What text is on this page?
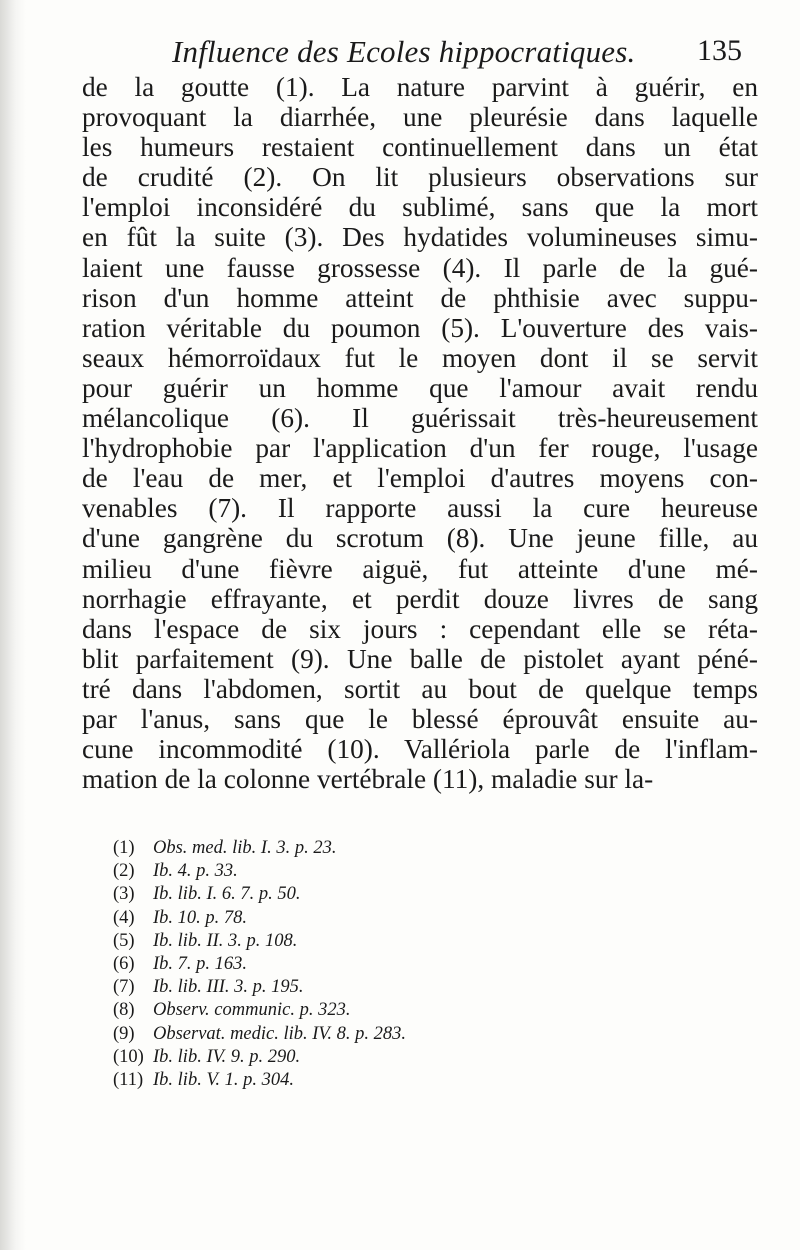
Influence des Ecoles hippocratiques. 135
de la goutte (1). La nature parvint à guérir, en
provoquant la diarrhée, une pleurésie dans laquelle
les humeurs restaient continuellement dans un état
de crudité (2). On lit plusieurs observations sur
l'emploi inconsidéré du sublimé, sans que la mort
en fût la suite (3). Des hydatides volumineuses simu-
laient une fausse grossesse (4). Il parle de la gué-
rison d'un homme atteint de phthisie avec suppu-
ration véritable du poumon (5). L'ouverture des vais-
seaux hémorroïdaux fut le moyen dont il se servit
pour guérir un homme que l'amour avait rendu
mélancolique (6). Il guérissait très-heureusement
l'hydrophobie par l'application d'un fer rouge, l'usage
de l'eau de mer, et l'emploi d'autres moyens con-
venables (7). Il rapporte aussi la cure heureuse
d'une gangrène du scrotum (8). Une jeune fille, au
milieu d'une fièvre aiguë, fut atteinte d'une mé-
norrhagie effrayante, et perdit douze livres de sang
dans l'espace de six jours : cependant elle se réta-
blit parfaitement (9). Une balle de pistolet ayant péné-
tré dans l'abdomen, sortit au bout de quelque temps
par l'anus, sans que le blessé éprouvât ensuite au-
cune incommodité (10). Vallériola parle de l'inflam-
mation de la colonne vertébrale (11), maladie sur la-
(1) Obs. med. lib. I. 3. p. 23.
(2) Ib. 4. p. 33.
(3) Ib. lib. I. 6. 7. p. 50.
(4) Ib. 10. p. 78.
(5) Ib. lib. II. 3. p. 108.
(6) Ib. 7. p. 163.
(7) Ib. lib. III. 3. p. 195.
(8) Observ. communic. p. 323.
(9) Observat. medic. lib. IV. 8. p. 283.
(10) Ib. lib. IV. 9. p. 290.
(11) Ib. lib. V. 1. p. 304.
